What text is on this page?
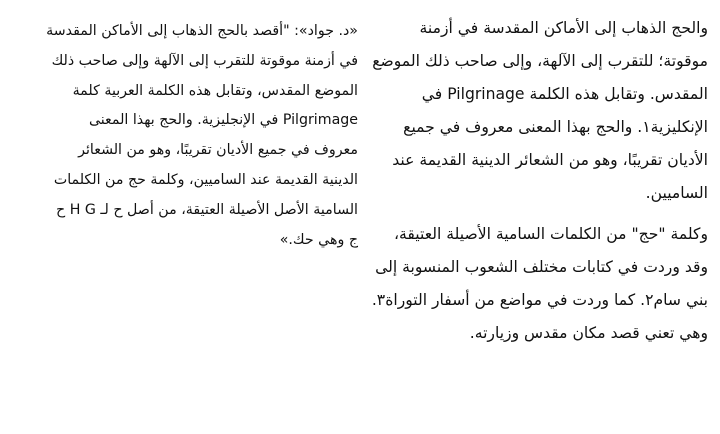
والحج الذهاب إلى الأماكن المقدسة في أزمنة

موقوتة؛ للتقرب إلى الآلهة، وإلى صاحب ذلك الموضع

المقدس. وتقابل هذه الكلمة Pilgrinage في

الإنكليزية١. والحج بهذا المعنى معروف في جميع

الأديان تقريبًا، وهو من الشعائر الدينية القديمة عند

الساميين.

وكلمة "حج" من الكلمات السامية الأصيلة العتيقة،

وقد وردت في كتابات مختلف الشعوب المنسوبة إلى

بني سام٢. كما وردت في مواضع من أسفار التوراة٣.

وهي تعني قصد مكان مقدس وزيارته.

«د. جواد»: "أقصد بالحج الذهاب إلى الأماكن المقدسة

في أزمنة موقوتة للتقرب إلى الآلهة وإلى صاحب ذلك

الموضع المقدس، وتقابل هذه الكلمة العربية كلمة

Pilgrimage في الإنجليزية. والحج بهذا المعنى

معروف في جميع الأديان تقريبًا، وهو من الشعائر

الدينية القديمة عند الساميين، وكلمة حج من الكلمات

السامية الأصل الأصيلة العتيقة، من أصل ح لـ H G ح

ج وهي حك.»
